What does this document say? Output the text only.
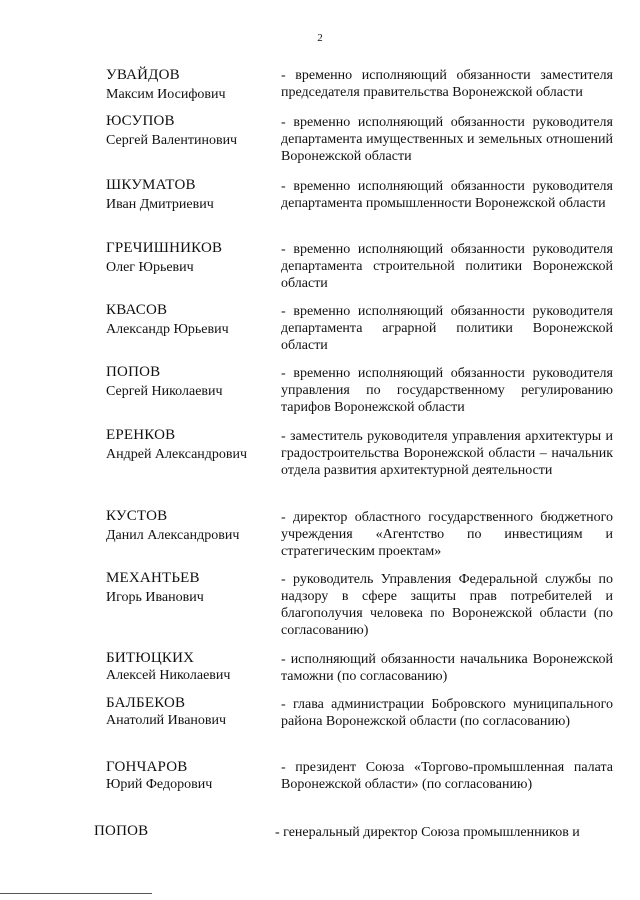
2
УВАЙДОВ
Максим Иосифович
- временно исполняющий обязанности заместителя председателя правительства Воронежской области
ЮСУПОВ
Сергей Валентинович
- временно исполняющий обязанности руководителя департамента имущественных и земельных отношений Воронежской области
ШКУМАТОВ
Иван Дмитриевич
- временно исполняющий обязанности руководителя департамента промышленности Воронежской области
ГРЕЧИШНИКОВ
Олег Юрьевич
- временно исполняющий обязанности руководителя департамента строительной политики Воронежской области
КВАСОВ
Александр Юрьевич
- временно исполняющий обязанности руководителя департамента аграрной политики Воронежской области
ПОПОВ
Сергей Николаевич
- временно исполняющий обязанности руководителя управления по государственному регулированию тарифов Воронежской области
ЕРЕНКОВ
Андрей Александрович
- заместитель руководителя управления архитектуры и градостроительства Воронежской области – начальник отдела развития архитектурной деятельности
КУСТОВ
Данил Александрович
- директор областного государственного бюджетного учреждения «Агентство по инвестициям и стратегическим проектам»
МЕХАНТЬЕВ
Игорь Иванович
- руководитель Управления Федеральной службы по надзору в сфере защиты прав потребителей и благополучия человека по Воронежской области (по согласованию)
БИТЮЦКИХ
Алексей Николаевич
- исполняющий обязанности начальника Воронежской таможни (по согласованию)
БАЛБЕКОВ
Анатолий Иванович
- глава администрации Бобровского муниципального района Воронежской области (по согласованию)
ГОНЧАРОВ
Юрий Федорович
- президент Союза «Торгово-промышленная палата Воронежской области» (по согласованию)
ПОПОВ	- генеральный директор Союза промышленников и
